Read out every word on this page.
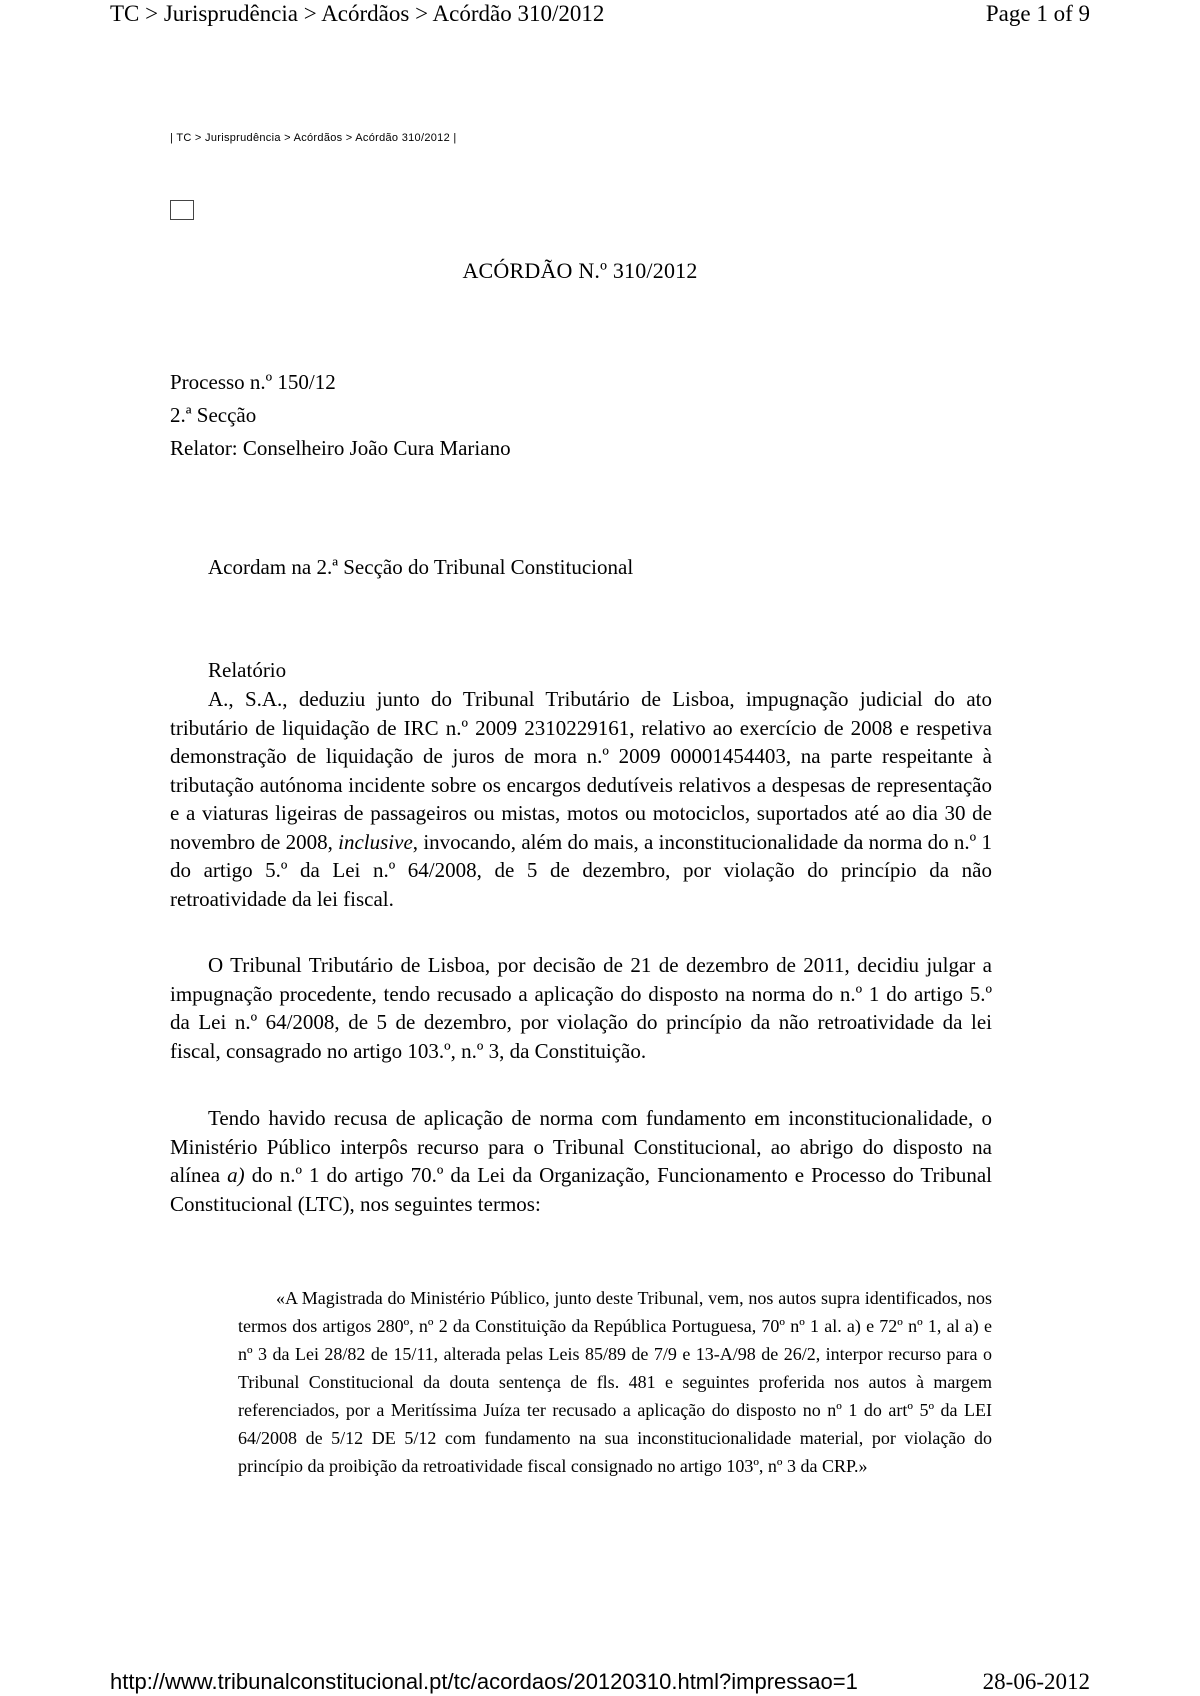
TC > Jurisprudência > Acórdãos > Acórdão 310/2012	Page 1 of 9
| TC > Jurisprudência > Acórdãos > Acórdão 310/2012 |
ACÓRDÃO N.º 310/2012
Processo n.º 150/12
2.ª Secção
Relator: Conselheiro João Cura Mariano
Acordam na 2.ª Secção do Tribunal Constitucional
Relatório
A., S.A., deduziu junto do Tribunal Tributário de Lisboa, impugnação judicial do ato tributário de liquidação de IRC n.º 2009 2310229161, relativo ao exercício de 2008 e respetiva demonstração de liquidação de juros de mora n.º 2009 00001454403, na parte respeitante à tributação autónoma incidente sobre os encargos dedutíveis relativos a despesas de representação e a viaturas ligeiras de passageiros ou mistas, motos ou motociclos, suportados até ao dia 30 de novembro de 2008, inclusive, invocando, além do mais, a inconstitucionalidade da norma do n.º 1 do artigo 5.º da Lei n.º 64/2008, de 5 de dezembro, por violação do princípio da não retroatividade da lei fiscal.
O Tribunal Tributário de Lisboa, por decisão de 21 de dezembro de 2011, decidiu julgar a impugnação procedente, tendo recusado a aplicação do disposto na norma do n.º 1 do artigo 5.º da Lei n.º 64/2008, de 5 de dezembro, por violação do princípio da não retroatividade da lei fiscal, consagrado no artigo 103.º, n.º 3, da Constituição.
Tendo havido recusa de aplicação de norma com fundamento em inconstitucionalidade, o Ministério Público interpôs recurso para o Tribunal Constitucional, ao abrigo do disposto na alínea a) do n.º 1 do artigo 70.º da Lei da Organização, Funcionamento e Processo do Tribunal Constitucional (LTC), nos seguintes termos:
«A Magistrada do Ministério Público, junto deste Tribunal, vem, nos autos supra identificados, nos termos dos artigos 280º, nº 2 da Constituição da República Portuguesa, 70º nº 1 al. a) e 72º nº 1, al a) e nº 3 da Lei 28/82 de 15/11, alterada pelas Leis 85/89 de 7/9 e 13-A/98 de 26/2, interpor recurso para o Tribunal Constitucional da douta sentença de fls. 481 e seguintes proferida nos autos à margem referenciados, por a Meritíssima Juíza ter recusado a aplicação do disposto no nº 1 do artº 5º da LEI 64/2008 de 5/12 DE 5/12 com fundamento na sua inconstitucionalidade material, por violação do princípio da proibição da retroatividade fiscal consignado no artigo 103º, nº 3 da CRP.»
http://www.tribunalconstitucional.pt/tc/acordaos/20120310.html?impressao=1	28-06-2012
